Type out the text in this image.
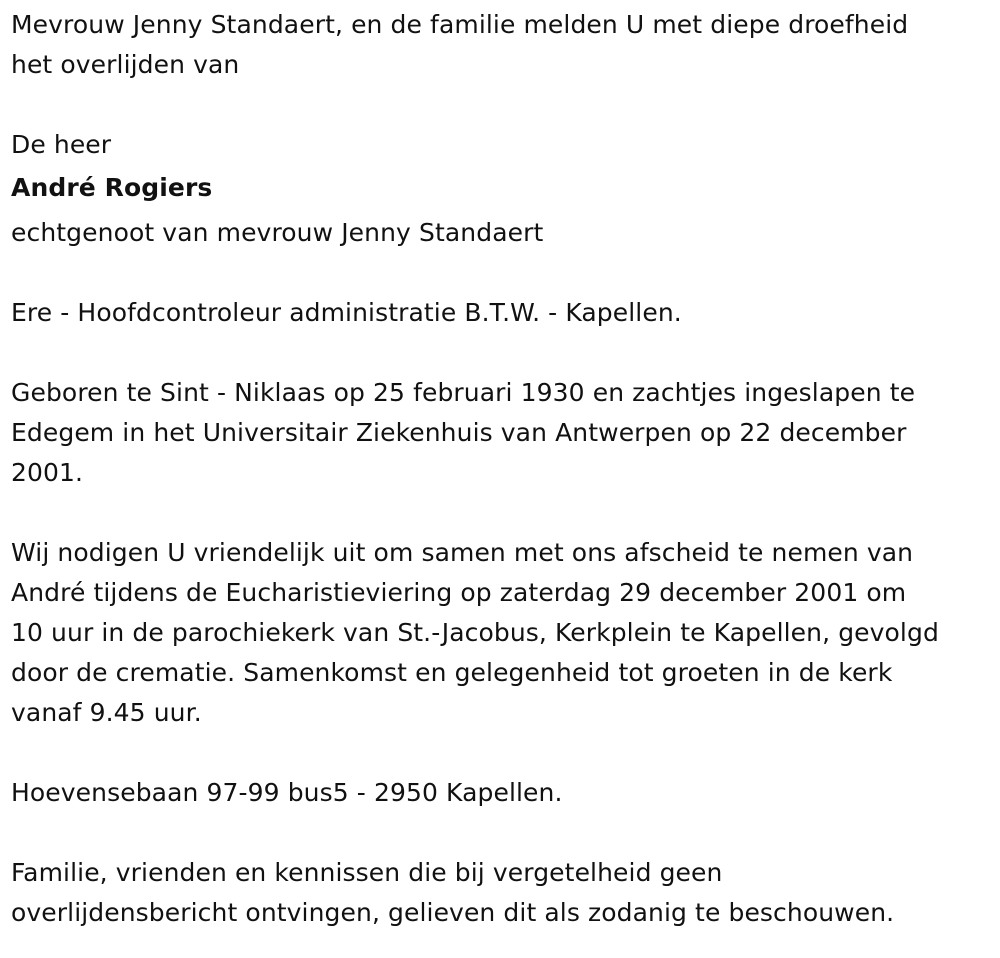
Mevrouw Jenny Standaert, en de familie melden U met diepe droefheid
het overlijden van

De heer

André Rogiers

echtgenoot van mevrouw Jenny Standaert

Ere - Hoofdcontroleur administratie B.T.W. - Kapellen.

Geboren te Sint - Niklaas op 25 februari 1930 en zachtjes ingeslapen te
Edegem in het Universitair Ziekenhuis van Antwerpen op 22 december
2001.

Wij nodigen U vriendelijk uit om samen met ons afscheid te nemen van
André tijdens de Eucharistieviering op zaterdag 29 december 2001 om
10 uur in de parochiekerk van St.-Jacobus, Kerkplein te Kapellen, gevolgd
door de crematie. Samenkomst en gelegenheid tot groeten in de kerk
vanaf 9.45 uur.

Hoevensebaan 97-99 bus5 - 2950 Kapellen.

Familie, vrienden en kennissen die bij vergetelheid geen
overlijdensbericht ontvingen, gelieven dit als zodanig te beschouwen.
